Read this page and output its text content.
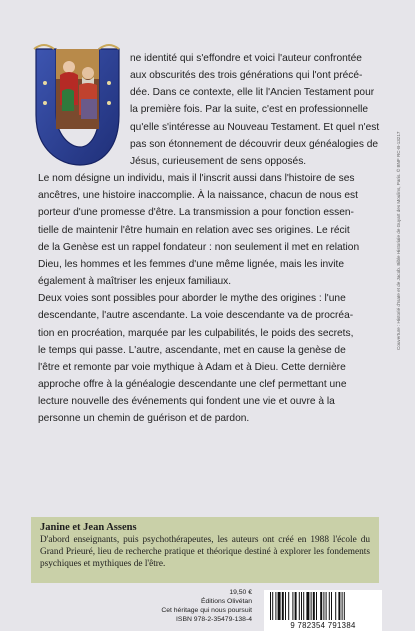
ne identité qui s'effondre et voici l'auteur confrontée
aux obscurités des trois générations qui l'ont précé-
dée. Dans ce contexte, elle lit l'Ancien Testament pour
la première fois. Par la suite, c'est en professionnelle
qu'elle s'intéresse au Nouveau Testament. Et quel n'est
pas son étonnement de découvrir deux généalogies de
Jésus, curieusement de sens opposés.
Le nom désigne un individu, mais il l'inscrit aussi dans l'histoire de ses
ancêtres, une histoire inaccomplie. À la naissance, chacun de nous est
porteur d'une promesse d'être. La transmission a pour fonction essen-
tielle de maintenir l'être humain en relation avec ses origines. Le récit
de la Genèse est un rappel fondateur : non seulement il met en relation
Dieu, les hommes et les femmes d'une même lignée, mais les invite
également à maîtriser les enjeux familiaux.
Deux voies sont possibles pour aborder le mythe des origines : l'une
descendante, l'autre ascendante. La voie descendante va de procréa-
tion en procréation, marquée par les culpabilités, le poids des secrets,
le temps qui passe. L'autre, ascendante, met en cause la genèse de
l'être et remonte par voie mythique à Adam et à Dieu. Cette dernière
approche offre à la généalogie descendante une clef permettant une
lecture nouvelle des événements qui fondent une vie et ouvre à la
personne un chemin de guérison et de pardon.
Couverture : Historié d'Isaïe et de Jacob. Bible Historiale de Guyart des Moulins, Paris. © BNF RC-B-13217
Janine et Jean Assens
D'abord enseignants, puis psychothérapeutes, les auteurs ont créé en 1988 l'école du Grand Prieuré, lieu de recherche pratique et théorique destiné à explorer les fondements psychiques et mythiques de l'être.
19,50 €
Éditions Olivétan
Cet héritage qui nous poursuit
ISBN 978-2-35479-138-4
9 782354 791384
